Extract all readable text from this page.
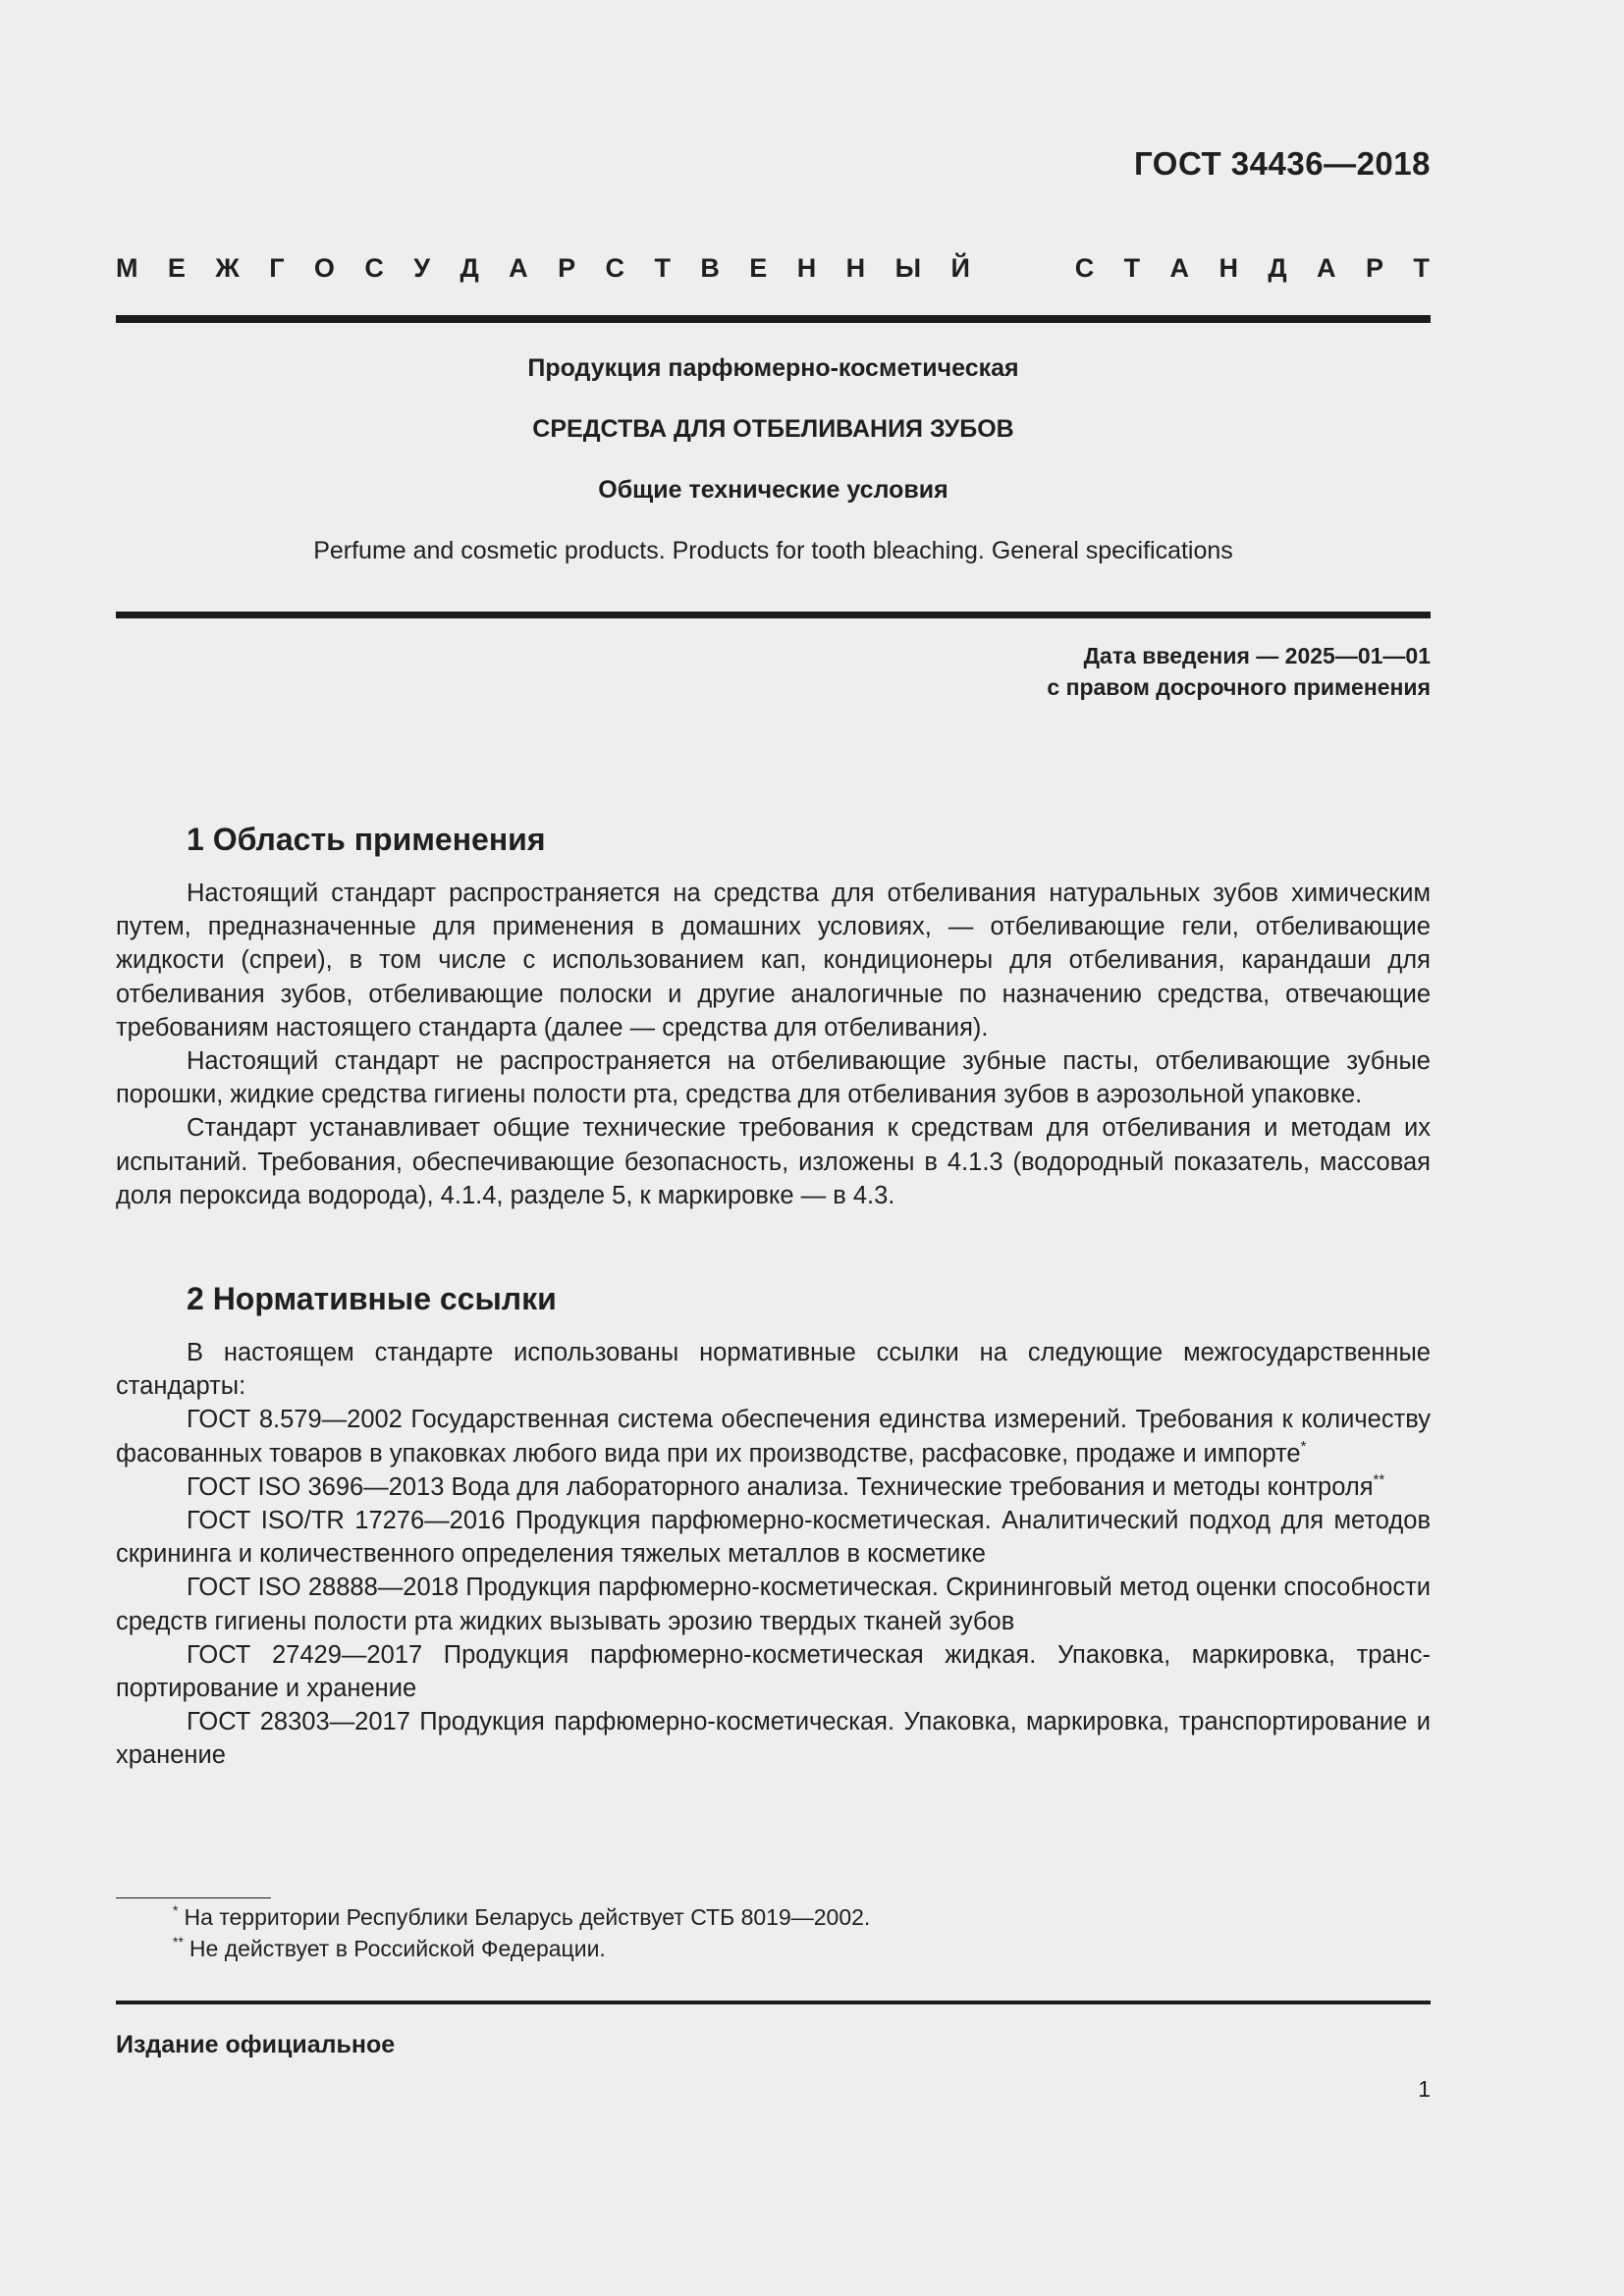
ГОСТ 34436—2018
М Е Ж Г О С У Д А Р С Т В Е Н Н Ы Й	С Т А Н Д А Р Т
Продукция парфюмерно-косметическая
СРЕДСТВА ДЛЯ ОТБЕЛИВАНИЯ ЗУБОВ
Общие технические условия
Perfume and cosmetic products. Products for tooth bleaching. General specifications
Дата введения — 2025—01—01
с правом досрочного применения
1 Область применения

Настоящий стандарт распространяется на средства для отбеливания натуральных зубов химическим путем, предназначенные для применения в домашних условиях, — отбеливающие гели, отбеливающие жидкости (спреи), в том числе с использованием кап, кондиционеры для отбеливания, карандаши для отбеливания зубов, отбеливающие полоски и другие аналогичные по назначению средства, отвечающие требованиям настоящего стандарта (далее — средства для отбеливания).

Настоящий стандарт не распространяется на отбеливающие зубные пасты, отбеливающие зубные порошки, жидкие средства гигиены полости рта, средства для отбеливания зубов в аэрозольной упаковке.

Стандарт устанавливает общие технические требования к средствам для отбеливания и методам их испытаний. Требования, обеспечивающие безопасность, изложены в 4.1.3 (водородный показатель, массовая доля пероксида водорода), 4.1.4, разделе 5, к маркировке — в 4.3.

2 Нормативные ссылки

В настоящем стандарте использованы нормативные ссылки на следующие межгосударственные стандарты:

ГОСТ 8.579—2002 Государственная система обеспечения единства измерений. Требования к количеству фасованных товаров в упаковках любого вида при их производстве, расфасовке, продаже и импорте*

ГОСТ ISO 3696—2013 Вода для лабораторного анализа. Технические требования и методы контроля**

ГОСТ ISO/TR 17276—2016 Продукция парфюмерно-косметическая. Аналитический подход для методов скрининга и количественного определения тяжелых металлов в косметике

ГОСТ ISO 28888—2018 Продукция парфюмерно-косметическая. Скрининговый метод оценки способности средств гигиены полости рта жидких вызывать эрозию твердых тканей зубов

ГОСТ 27429—2017 Продукция парфюмерно-косметическая жидкая. Упаковка, маркировка, транспортирование и хранение

ГОСТ 28303—2017 Продукция парфюмерно-косметическая. Упаковка, маркировка, транспортирование и хранение

* На территории Республики Беларусь действует СТБ 8019—2002.
** Не действует в Российской Федерации.
Издание официальное
1
